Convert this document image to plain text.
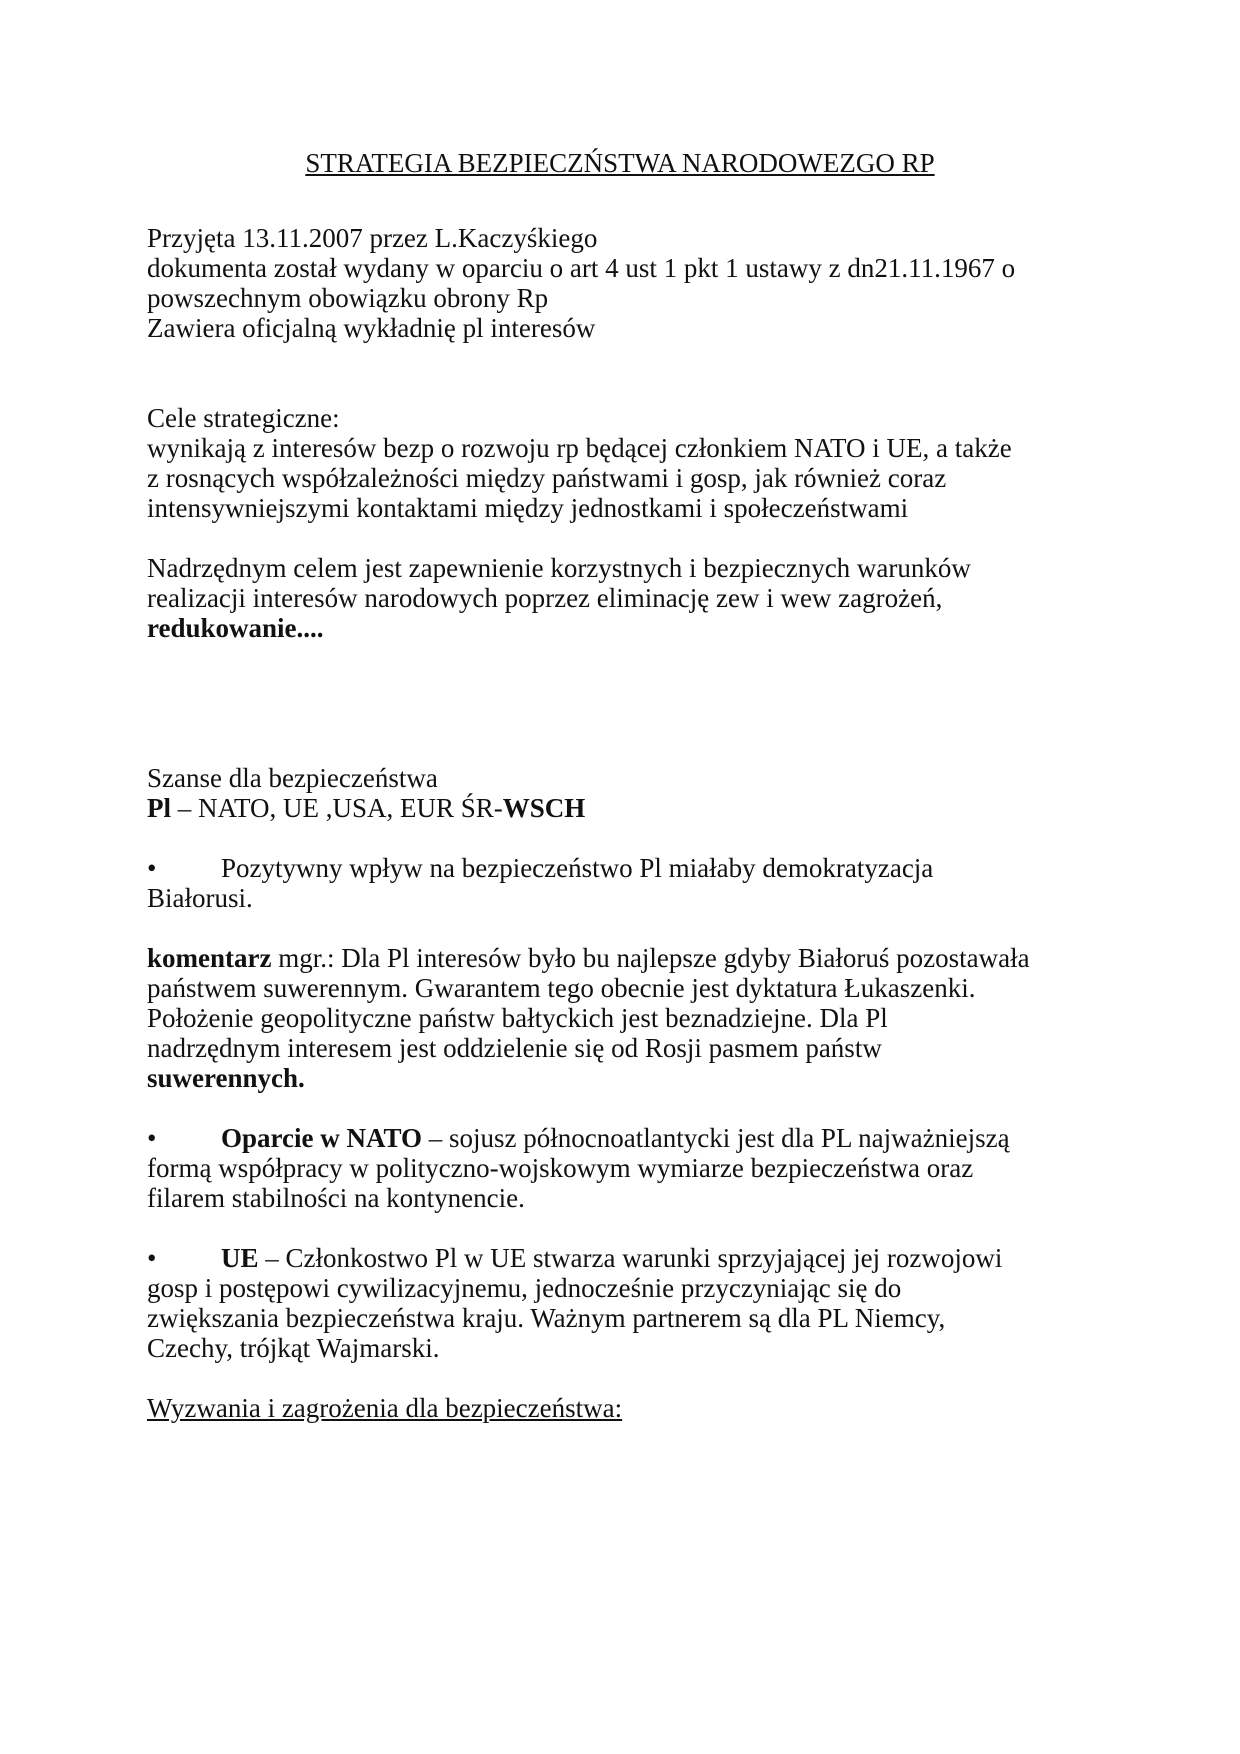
STRATEGIA BEZPIECZŃSTWA NARODOWEZGO RP
Przyjęta 13.11.2007 przez L.Kaczyśkiego
dokumenta został wydany w oparciu o art 4 ust 1 pkt 1 ustawy z dn21.11.1967 o
powszechnym obowiązku obrony Rp
Zawiera oficjalną wykładnię pl interesów
Cele strategiczne:
wynikają z interesów bezp o rozwoju rp będącej członkiem NATO i UE, a także
z rosnących współzależności między państwami i gosp, jak również coraz
intensywniejszymi kontaktami między jednostkami i społeczeństwami
Nadrzędnym celem jest zapewnienie korzystnych i bezpiecznych warunków
realizacji interesów narodowych poprzez eliminację zew i wew zagrożeń,
redukowanie....
Szanse dla bezpieczeństwa
Pl – NATO, UE ,USA, EUR ŚR-WSCH
• Pozytywny wpływ na bezpieczeństwo Pl miałaby demokratyzacja
Białorusi.
komentarz mgr.: Dla Pl interesów było bu najlepsze gdyby Białoruś pozostawała
państwem suwerennym. Gwarantem tego obecnie jest dyktatura Łukaszenki.
Położenie geopolityczne państw bałtyckich jest beznadziejne. Dla Pl
nadrzędnym interesem jest oddzielenie się od Rosji pasmem państw
suwerennych.
• Oparcie w NATO – sojusz północnoatlantycki jest dla PL najważniejszą
formą współpracy w polityczno-wojskowym wymiarze bezpieczeństwa oraz
filarem stabilności na kontynencie.
• UE – Członkostwo Pl w UE stwarza warunki sprzyjającej jej rozwojowi
gosp i postępowi cywilizacyjnemu, jednocześnie przyczyniając się do
zwiększania bezpieczeństwa kraju. Ważnym partnerem są dla PL Niemcy,
Czechy, trójkąt Wajmarski.
Wyzwania i zagrożenia dla bezpieczeństwa:
